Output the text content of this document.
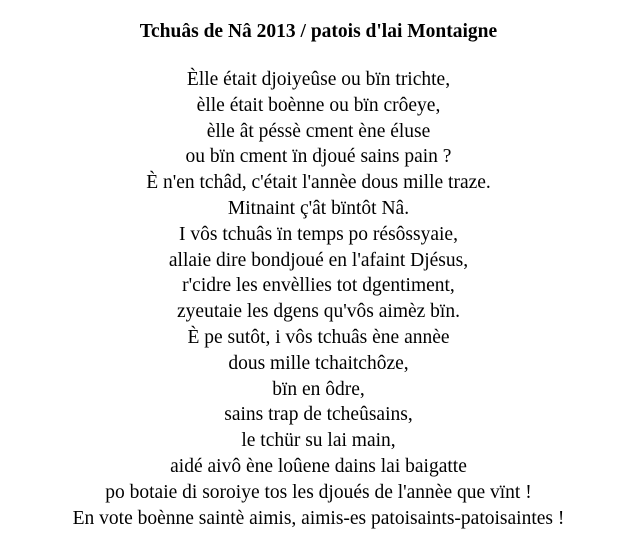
Tchuâs de Nâ 2013 / patois d'lai Montaigne
Èlle était djoiyeûse ou bïn trichte,
èlle était boènne ou bïn crôeye,
èlle ât péssè cment ène éluse
ou bïn cment ïn djoué sains pain ?
È n'en tchâd, c'était l'annèe dous mille traze.
Mitnaint ç'ât bïntôt Nâ.
I vôs tchuâs ïn temps po résôssyaie,
allaie dire bondjoué en l'afaint Djésus,
r'cidre les envèllies tot dgentiment,
zyeutaie les dgens qu'vôs aimèz bïn.
È pe sutôt, i vôs tchuâs ène annèe
dous mille tchaitchôze,
bïn en ôdre,
sains trap de tcheûsains,
le tchür su lai main,
aidé aivô ène loûene dains lai baigatte
po botaie di soroiye tos les djoués de l'annèe que vïnt !
En vote boènne saintè aimis, aimis-es patoisaints-patoisaintes !
